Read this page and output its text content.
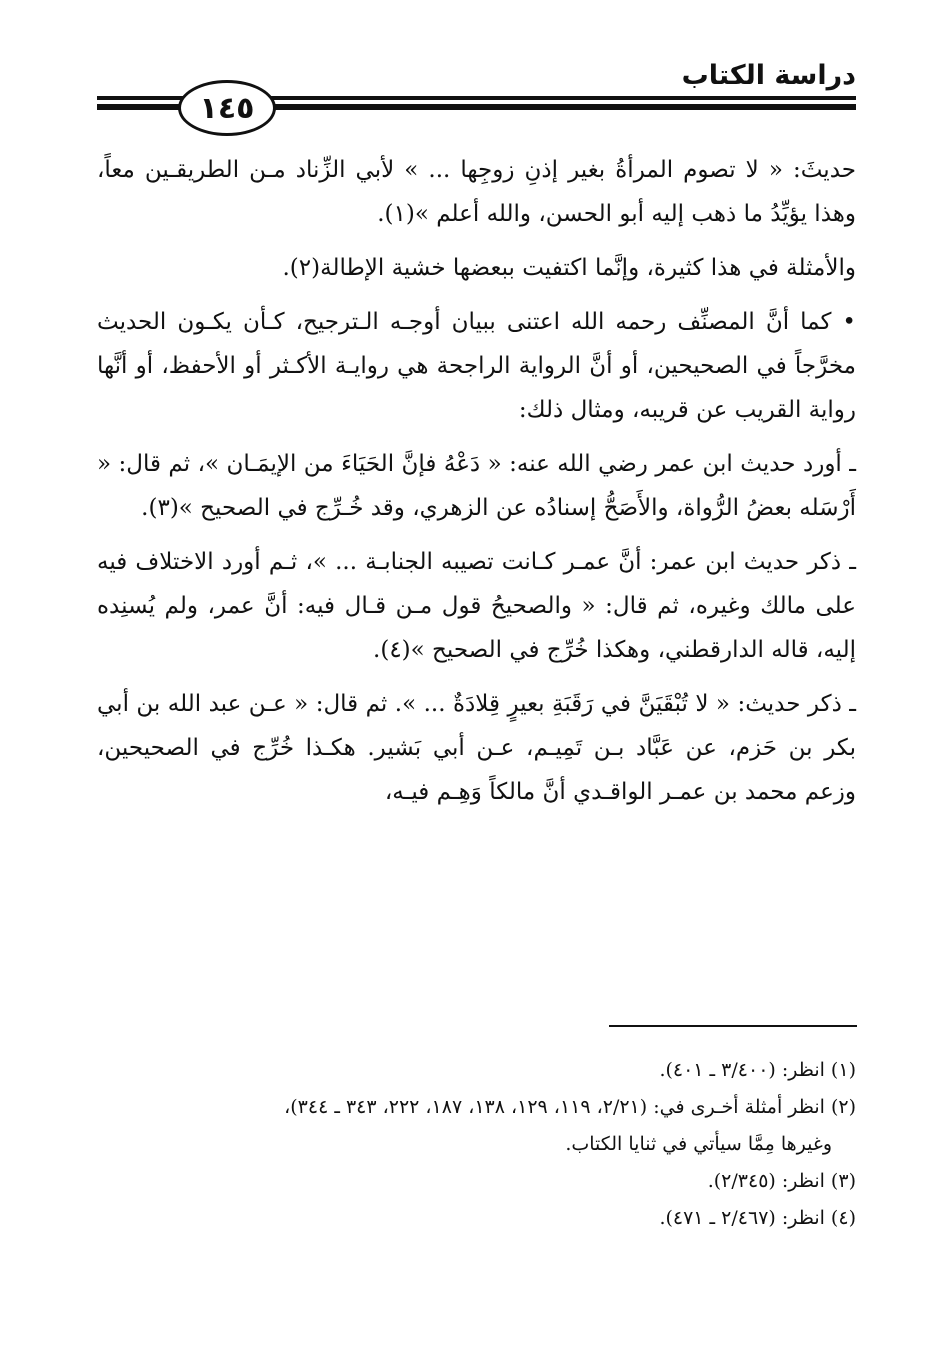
دراسة الكتاب
١٤٥

حديثَ: « لا تصوم المرأةُ بغير إذنِ زوجِها ... » لأبي الزِّناد مـن الطريقـين معاً، وهذا يؤيِّدُ ما ذهب إليه أبو الحسن، والله أعلم »(١).

والأمثلة في هذا كثيرة، وإنَّما اكتفيت ببعضها خشية الإطالة(٢).

• كما أنَّ المصنِّف رحمه الله اعتنى ببيان أوجـه الـترجيح، كـأن يكـون الحديث مخرَّجاً في الصحيحين، أو أنَّ الرواية الراجحة هي روايـة الأكـثر أو الأحفظ، أو أنَّها رواية القريب عن قريبه، ومثال ذلك:

ـ أورد حديث ابن عمر رضي الله عنه: « دَعْهُ فإنَّ الحَيَاءَ من الإيمَـان »، ثم قال: « أَرْسَله بعضُ الرُّواة، والأَصَحُّ إسنادُه عن الزهري، وقد خُـرِّج في الصحيح »(٣).

ـ ذكر حديث ابن عمر: أنَّ عمـر كـانت تصيبه الجنابـة ... »، ثـم أورد الاختلاف فيه على مالك وغيره، ثم قال: « والصحيحُ قول مـن قـال فيه: أنَّ عمر، ولم يُسنِده إليه، قاله الدارقطني، وهكذا خُرِّج في الصحيح »(٤).

ـ ذكر حديث: « لا تُبْقَيَنَّ في رَقَبَةِ بعيرٍ قِلادَةٌ ... ». ثم قال: « عـن عبد الله بن أبي بكر بن حَزم، عن عَبَّاد بـن تَمِيـم، عـن أبي بَشير. هكـذا خُرِّج في الصحيحين، وزعم محمد بن عمـر الواقـدي أنَّ مالكاً وَهِـم فيـه،

(١) انظر: (٣/٤٠٠ ـ ٤٠١).

(٢) انظر أمثلة أخـرى في: (٢/٢١، ١١٩، ١٢٩، ١٣٨، ١٨٧، ٢٢٢، ٣٤٣ ـ ٣٤٤)،

وغيرها مِمَّا سيأتي في ثنايا الكتاب.

(٣) انظر: (٢/٣٤٥).

(٤) انظر: (٢/٤٦٧ ـ ٤٧١).
